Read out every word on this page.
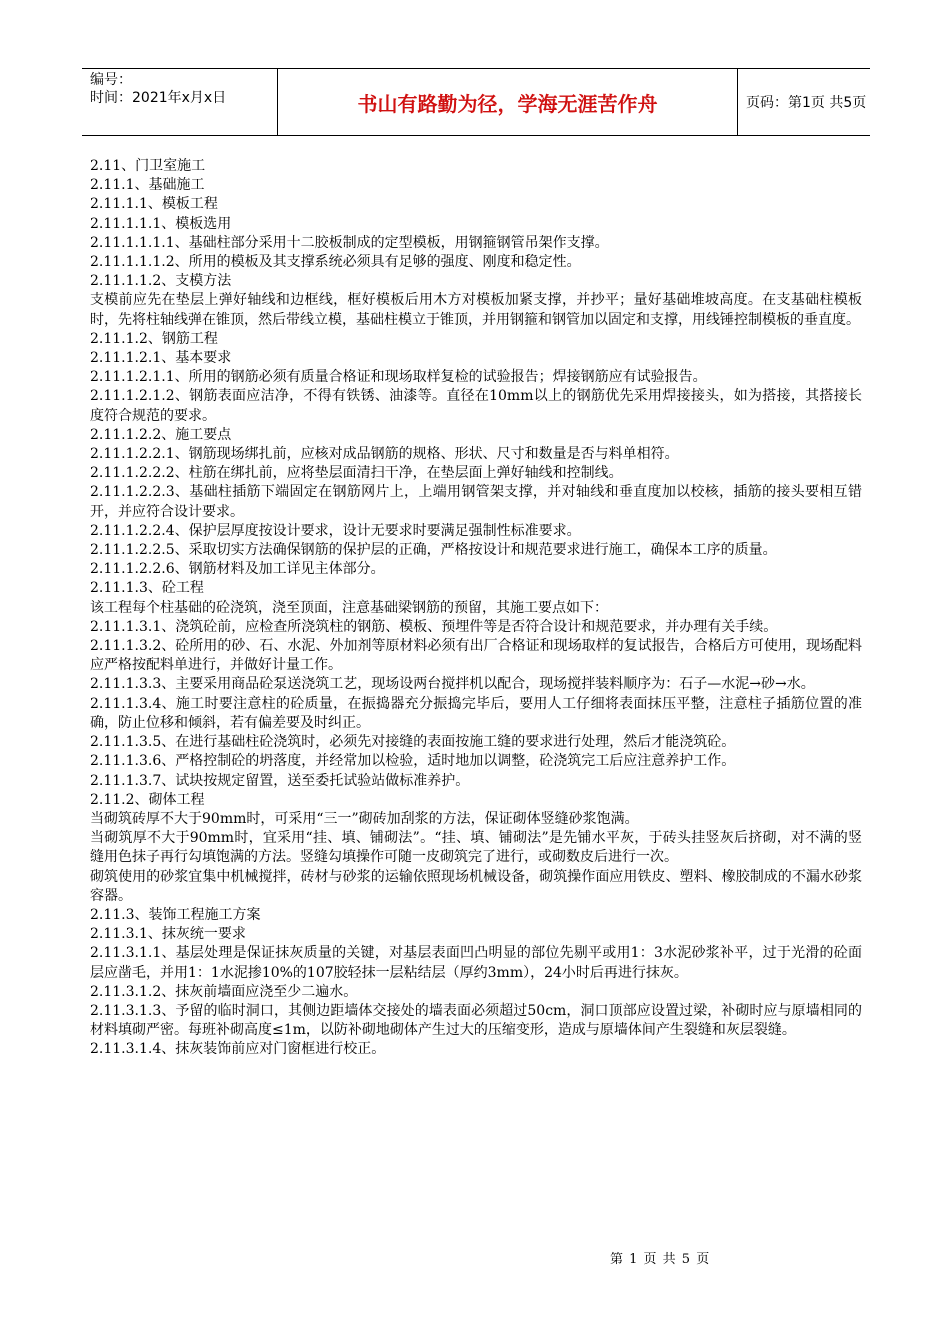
编号：
时间：2021年x月x日	书山有路勤为径，学海无涯苦作舟	页码：第1页 共5页

2.11、门卫室施工

2.11.1、基础施工

2.11.1.1、模板工程

2.11.1.1.1、模板选用

2.11.1.1.1.1、基础柱部分采用十二胶板制成的定型模板，用钢箍钢管吊架作支撑。

2.11.1.1.1.2、所用的模板及其支撑系统必须具有足够的强度、刚度和稳定性。

2.11.1.1.2、支模方法

支模前应先在垫层上弹好轴线和边框线，框好模板后用木方对模板加紧支撑，并抄平；量好基础堆坡高度。在支基础柱模板时，先将柱轴线弹在锥顶，然后带线立模，基础柱模立于锥顶，并用钢箍和钢管加以固定和支撑，用线锤控制模板的垂直度。

2.11.1.2、钢筋工程

2.11.1.2.1、基本要求

2.11.1.2.1.1、所用的钢筋必须有质量合格证和现场取样复检的试验报告；焊接钢筋应有试验报告。

2.11.1.2.1.2、钢筋表面应洁净，不得有铁锈、油漆等。直径在10mm以上的钢筋优先采用焊接接头，如为搭接，其搭接长度符合规范的要求。

2.11.1.2.2、施工要点

2.11.1.2.2.1、钢筋现场绑扎前，应核对成品钢筋的规格、形状、尺寸和数量是否与料单相符。

2.11.1.2.2.2、柱筋在绑扎前，应将垫层面清扫干净，在垫层面上弹好轴线和控制线。

2.11.1.2.2.3、基础柱插筋下端固定在钢筋网片上，上端用钢管架支撑，并对轴线和垂直度加以校核，插筋的接头要相互错开，并应符合设计要求。

2.11.1.2.2.4、保护层厚度按设计要求，设计无要求时要满足强制性标准要求。

2.11.1.2.2.5、采取切实方法确保钢筋的保护层的正确，严格按设计和规范要求进行施工，确保本工序的质量。

2.11.1.2.2.6、钢筋材料及加工详见主体部分。

2.11.1.3、砼工程

该工程每个柱基础的砼浇筑，浇至顶面，注意基础梁钢筋的预留，其施工要点如下：

2.11.1.3.1、浇筑砼前，应检查所浇筑柱的钢筋、模板、预埋件等是否符合设计和规范要求，并办理有关手续。

2.11.1.3.2、砼所用的砂、石、水泥、外加剂等原材料必须有出厂合格证和现场取样的复试报告，合格后方可使用，现场配料应严格按配料单进行，并做好计量工作。

2.11.1.3.3、主要采用商品砼泵送浇筑工艺，现场设两台搅拌机以配合，现场搅拌装料顺序为：石子—水泥→砂→水。

2.11.1.3.4、施工时要注意柱的砼质量，在振捣器充分振捣完毕后，要用人工仔细将表面抹压平整，注意柱子插筋位置的准确，防止位移和倾斜，若有偏差要及时纠正。

2.11.1.3.5、在进行基础柱砼浇筑时，必须先对接缝的表面按施工缝的要求进行处理，然后才能浇筑砼。

2.11.1.3.6、严格控制砼的坍落度，并经常加以检验，适时地加以调整，砼浇筑完工后应注意养护工作。

2.11.1.3.7、试块按规定留置，送至委托试验站做标准养护。

2.11.2、砌体工程

当砌筑砖厚不大于90mm时，可采用“三一”砌砖加刮浆的方法，保证砌体竖缝砂浆饱满。

当砌筑厚不大于90mm时，宜采用“挂、填、铺砌法”。“挂、填、铺砌法”是先铺水平灰，于砖头挂竖灰后挤砌，对不满的竖缝用色抹子再行勾填饱满的方法。竖缝勾填操作可随一皮砌筑完了进行，或砌数皮后进行一次。

砌筑使用的砂浆宜集中机械搅拌，砖材与砂浆的运输依照现场机械设备，砌筑操作面应用铁皮、塑料、橡胶制成的不漏水砂浆容器。

2.11.3、装饰工程施工方案

2.11.3.1、抹灰统一要求

2.11.3.1.1、基层处理是保证抹灰质量的关键，对基层表面凹凸明显的部位先剔平或用1：3水泥砂浆补平，过于光滑的砼面层应凿毛，并用1：1水泥掺10%的107胶轻抹一层粘结层（厚约3mm），24小时后再进行抹灰。

2.11.3.1.2、抹灰前墙面应浇至少二遍水。

2.11.3.1.3、予留的临时洞口，其侧边距墙体交接处的墙表面必须超过50cm，洞口顶部应设置过梁，补砌时应与原墙相同的材料填砌严密。每班补砌高度≤1m，以防补砌地砌体产生过大的压缩变形，造成与原墙体间产生裂缝和灰层裂缝。

2.11.3.1.4、抹灰装饰前应对门窗框进行校正。

第 1 页 共 5 页
